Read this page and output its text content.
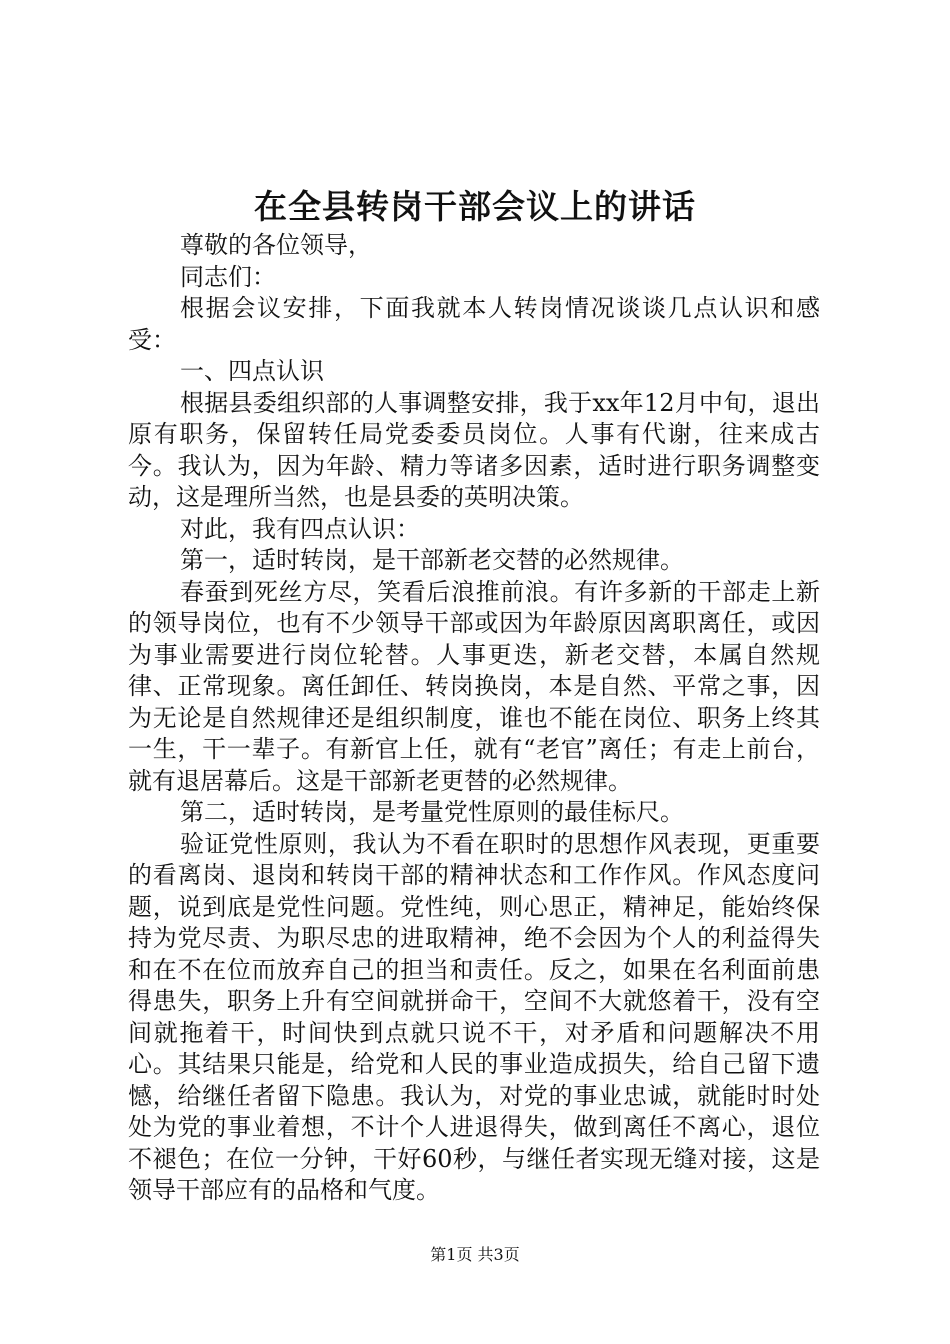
在全县转岗干部会议上的讲话

尊敬的各位领导，

同志们：

根据会议安排，下面我就本人转岗情况谈谈几点认识和感受：

一、四点认识

根据县委组织部的人事调整安排，我于xx年12月中旬，退出原有职务，保留转任局党委委员岗位。人事有代谢，往来成古今。我认为，因为年龄、精力等诸多因素，适时进行职务调整变动，这是理所当然，也是县委的英明决策。

对此，我有四点认识：

第一，适时转岗，是干部新老交替的必然规律。

春蚕到死丝方尽，笑看后浪推前浪。有许多新的干部走上新的领导岗位，也有不少领导干部或因为年龄原因离职离任，或因为事业需要进行岗位轮替。人事更迭，新老交替，本属自然规律、正常现象。离任卸任、转岗换岗，本是自然、平常之事，因为无论是自然规律还是组织制度，谁也不能在岗位、职务上终其一生，干一辈子。有新官上任，就有“老官”离任；有走上前台，就有退居幕后。这是干部新老更替的必然规律。

第二，适时转岗，是考量党性原则的最佳标尺。

验证党性原则，我认为不看在职时的思想作风表现，更重要的看离岗、退岗和转岗干部的精神状态和工作作风。作风态度问题，说到底是党性问题。党性纯，则心思正，精神足，能始终保持为党尽责、为职尽忠的进取精神，绝不会因为个人的利益得失和在不在位而放弃自己的担当和责任。反之，如果在名利面前患得患失，职务上升有空间就拼命干，空间不大就悠着干，没有空间就拖着干，时间快到点就只说不干，对矛盾和问题解决不用心。其结果只能是，给党和人民的事业造成损失，给自己留下遗憾，给继任者留下隐患。我认为，对党的事业忠诚，就能时时处处为党的事业着想，不计个人进退得失，做到离任不离心，退位不褪色；在位一分钟，干好60秒，与继任者实现无缝对接，这是领导干部应有的品格和气度。

第1页 共3页
